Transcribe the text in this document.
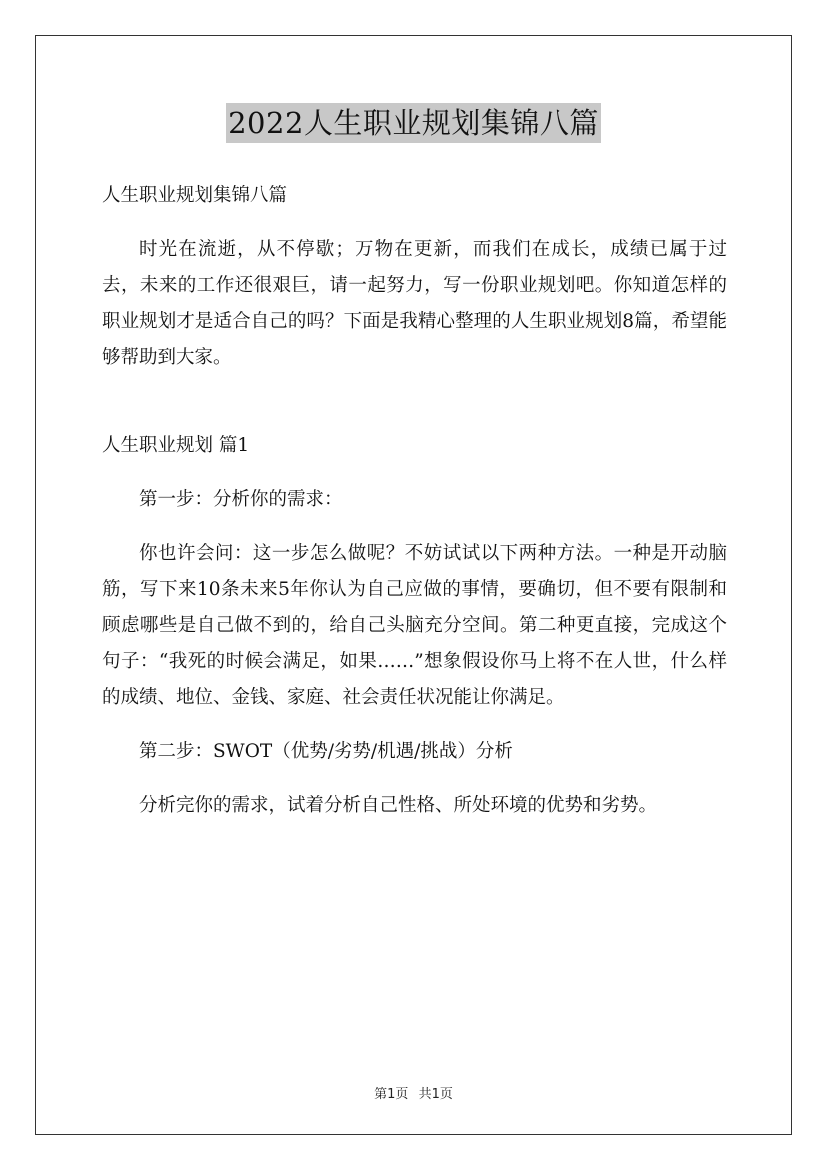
2022人生职业规划集锦八篇

人生职业规划集锦八篇

时光在流逝，从不停歇；万物在更新，而我们在成长，成绩已属于过去，未来的工作还很艰巨，请一起努力，写一份职业规划吧。你知道怎样的职业规划才是适合自己的吗？下面是我精心整理的人生职业规划8篇，希望能够帮助到大家。

人生职业规划 篇1

第一步：分析你的需求：

你也许会问：这一步怎么做呢？不妨试试以下两种方法。一种是开动脑筋，写下来10条未来5年你认为自己应做的事情，要确切，但不要有限制和顾虑哪些是自己做不到的，给自己头脑充分空间。第二种更直接，完成这个句子：“我死的时候会满足，如果……”想象假设你马上将不在人世，什么样的成绩、地位、金钱、家庭、社会责任状况能让你满足。

第二步：SWOT（优势/劣势/机遇/挑战）分析

分析完你的需求，试着分析自己性格、所处环境的优势和劣势。

第1页 共1页
